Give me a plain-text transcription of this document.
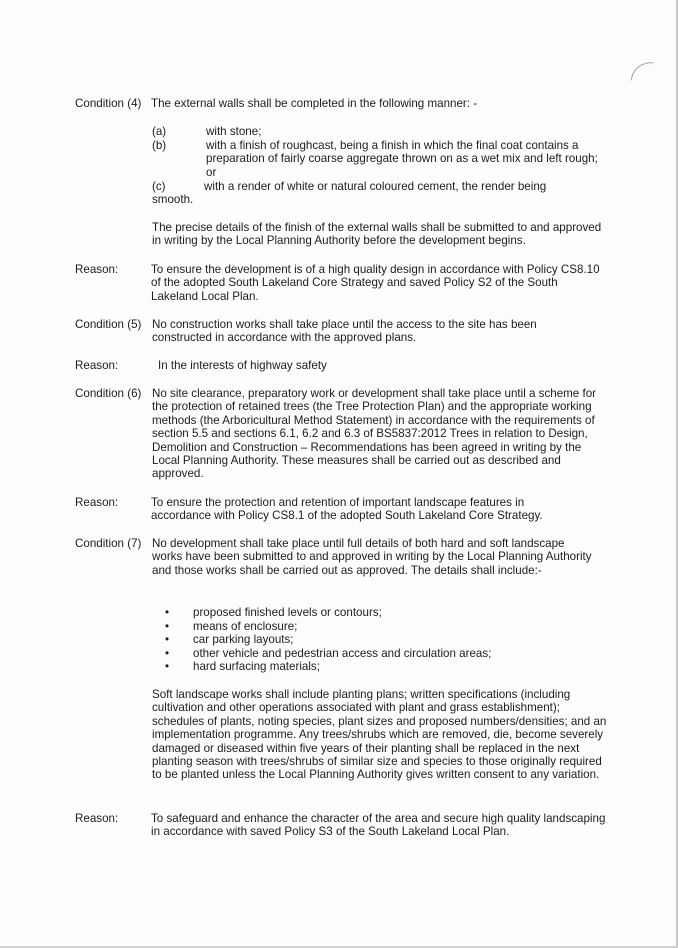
Condition (4) The external walls shall be completed in the following manner: -
(a)	with stone;
(b)	with a finish of roughcast, being a finish in which the final coat contains a preparation of fairly coarse aggregate thrown on as a wet mix and left rough; or

(c)	with a render of white or natural coloured cement, the render being
smooth.

The precise details of the finish of the external walls shall be submitted to and approved in writing by the Local Planning Authority before the development begins.

Reason:	To ensure the development is of a high quality design in accordance with Policy CS8.10 of the adopted South Lakeland Core Strategy and saved Policy S2 of the South Lakeland Local Plan.

Condition (5) No construction works shall take place until the access to the site has been constructed in accordance with the approved plans.

Reason:	In the interests of highway safety
Condition (6) No site clearance, preparatory work or development shall take place until a scheme for the protection of retained trees (the Tree Protection Plan) and the appropriate working methods (the Arboricultural Method Statement) in accordance with the requirements of section 5.5 and sections 6.1, 6.2 and 6.3 of BS5837:2012 Trees in relation to Design, Demolition and Construction – Recommendations has been agreed in writing by the Local Planning Authority. These measures shall be carried out as described and approved.

Reason:	To ensure the protection and retention of important landscape features in accordance with Policy CS8.1 of the adopted South Lakeland Core Strategy.

Condition (7) No development shall take place until full details of both hard and soft landscape works have been submitted to and approved in writing by the Local Planning Authority and those works shall be carried out as approved. The details shall include:-

• proposed finished levels or contours;
• means of enclosure;
• car parking layouts;
• other vehicle and pedestrian access and circulation areas;
• hard surfacing materials;

Soft landscape works shall include planting plans; written specifications (including cultivation and other operations associated with plant and grass establishment); schedules of plants, noting species, plant sizes and proposed numbers/densities; and an implementation programme. Any trees/shrubs which are removed, die, become severely damaged or diseased within five years of their planting shall be replaced in the next planting season with trees/shrubs of similar size and species to those originally required to be planted unless the Local Planning Authority gives written consent to any variation.

Reason:	To safeguard and enhance the character of the area and secure high quality landscaping in accordance with saved Policy S3 of the South Lakeland Local Plan.
